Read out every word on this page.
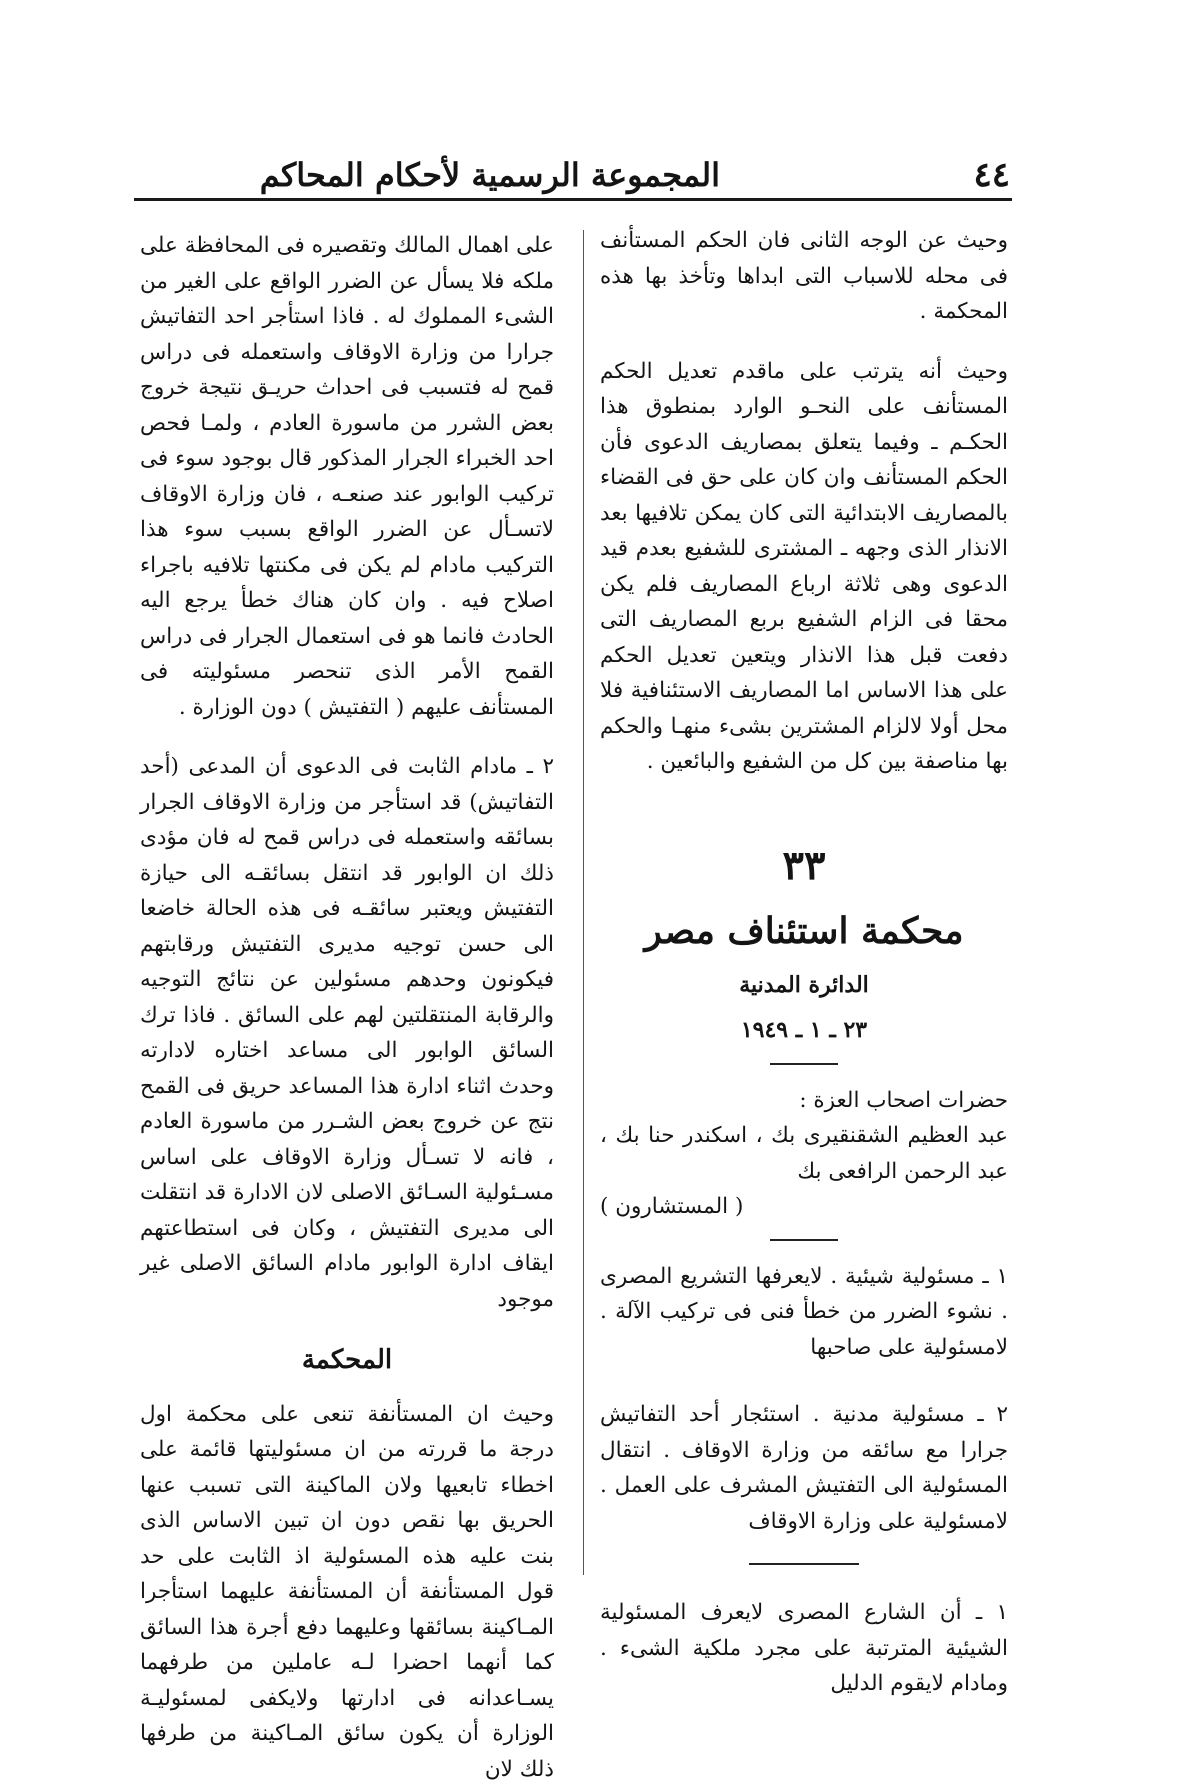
٤٤
المجموعة الرسمية لأحكام المحاكم

وحيث عن الوجه الثانى فان الحكم المستأنف فى محله للاسباب التى ابداها وتأخذ بها هذه المحكمة .

وحيث أنه يترتب على ماقدم تعديل الحكم المستأنف على النحـو الوارد بمنطوق هذا الحكـم ـ وفيما يتعلق بمصاريف الدعوى فأن الحكم المستأنف وان كان على حق فى القضاء بالمصاريف الابتدائية التى كان يمكن تلافيها بعد الانذار الذى وجهه ـ المشترى للشفيع بعدم قيد الدعوى وهى ثلاثة ارباع المصاريف فلم يكن محقا فى الزام الشفيع بربع المصاريف التى دفعت قبل هذا الانذار ويتعين تعديل الحكم على هذا الاساس اما المصاريف الاستئنافية فلا محل أولا لالزام المشترين بشىء منهـا والحكم بها مناصفة بين كل من الشفيع والبائعين .

٣٣

محكمة استئناف مصر

الدائرة المدنية

٢٣ ـ ١ ـ ١٩٤٩

حضرات اصحاب العزة :

عبد العظيم الشقنقيرى بك ، اسكندر حنا بك ، عبد الرحمن الرافعى بك

( المستشارون )

١ ـ مسئولية شيئية . لايعرفها التشريع المصرى . نشوء الضرر من خطأ فنى فى تركيب الآلة . لامسئولية على صاحبها

٢ ـ مسئولية مدنية . استئجار أحد التفاتيش جرارا مع سائقه من وزارة الاوقاف . انتقال المسئولية الى التفتيش المشرف على العمل . لامسئولية على وزارة الاوقاف

١ ـ أن الشارع المصرى لايعرف المسئولية الشيئية المترتبة على مجرد ملكية الشىء . ومادام لايقوم الدليل

على اهمال المالك وتقصيره فى المحافظة على ملكه فلا يسأل عن الضرر الواقع على الغير من الشىء المملوك له . فاذا استأجر احد التفاتيش جرارا من وزارة الاوقاف واستعمله فى دراس قمح له فتسبب فى احداث حريـق نتيجة خروج بعض الشرر من ماسورة العادم ، ولمـا فحص احد الخبراء الجرار المذكور قال بوجود سوء فى تركيب الوابور عند صنعـه ، فان وزارة الاوقاف لاتسـأل عن الضرر الواقع بسبب سوء هذا التركيب مادام لم يكن فى مكنتها تلافيه باجراء اصلاح فيه . وان كان هناك خطأ يرجع اليه الحادث فانما هو فى استعمال الجرار فى دراس القمح الأمر الذى تنحصر مسئوليته فى المستأنف عليهم ( التفتيش ) دون الوزارة .

٢ ـ مادام الثابت فى الدعوى أن المدعى (أحد التفاتيش) قد استأجر من وزارة الاوقاف الجرار بسائقه واستعمله فى دراس قمح له فان مؤدى ذلك ان الوابور قد انتقل بسائقـه الى حيازة التفتيش ويعتبر سائقـه فى هذه الحالة خاضعا الى حسن توجيه مديرى التفتيش ورقابتهم فيكونون وحدهم مسئولين عن نتائج التوجيه والرقابة المنتقلتين لهم على السائق . فاذا ترك السائق الوابور الى مساعد اختاره لادارته وحدث اثناء ادارة هذا المساعد حريق فى القمح نتج عن خروج بعض الشـرر من ماسورة العادم ، فانه لا تسـأل وزارة الاوقاف على اساس مسـئولية السـائق الاصلى لان الادارة قد انتقلت الى مديرى التفتيش ، وكان فى استطاعتهم ايقاف ادارة الوابور مادام السائق الاصلى غير موجود

المحكمة

وحيث ان المستأنفة تنعى على محكمة اول درجة ما قررته من ان مسئوليتها قائمة على اخطاء تابعيها ولان الماكينة التى تسبب عنها الحريق بها نقص دون ان تبين الاساس الذى بنت عليه هذه المسئولية اذ الثابت على حد قول المستأنفة أن المستأنفة عليهما استأجرا المـاكينة بسائقها وعليهما دفع أجرة هذا السائق كما أنهما احضرا لـه عاملين من طرفهما يسـاعدانه فى ادارتها ولايكفى لمسئوليـة الوزارة أن يكون سائق المـاكينة من طرفها ذلك لان
